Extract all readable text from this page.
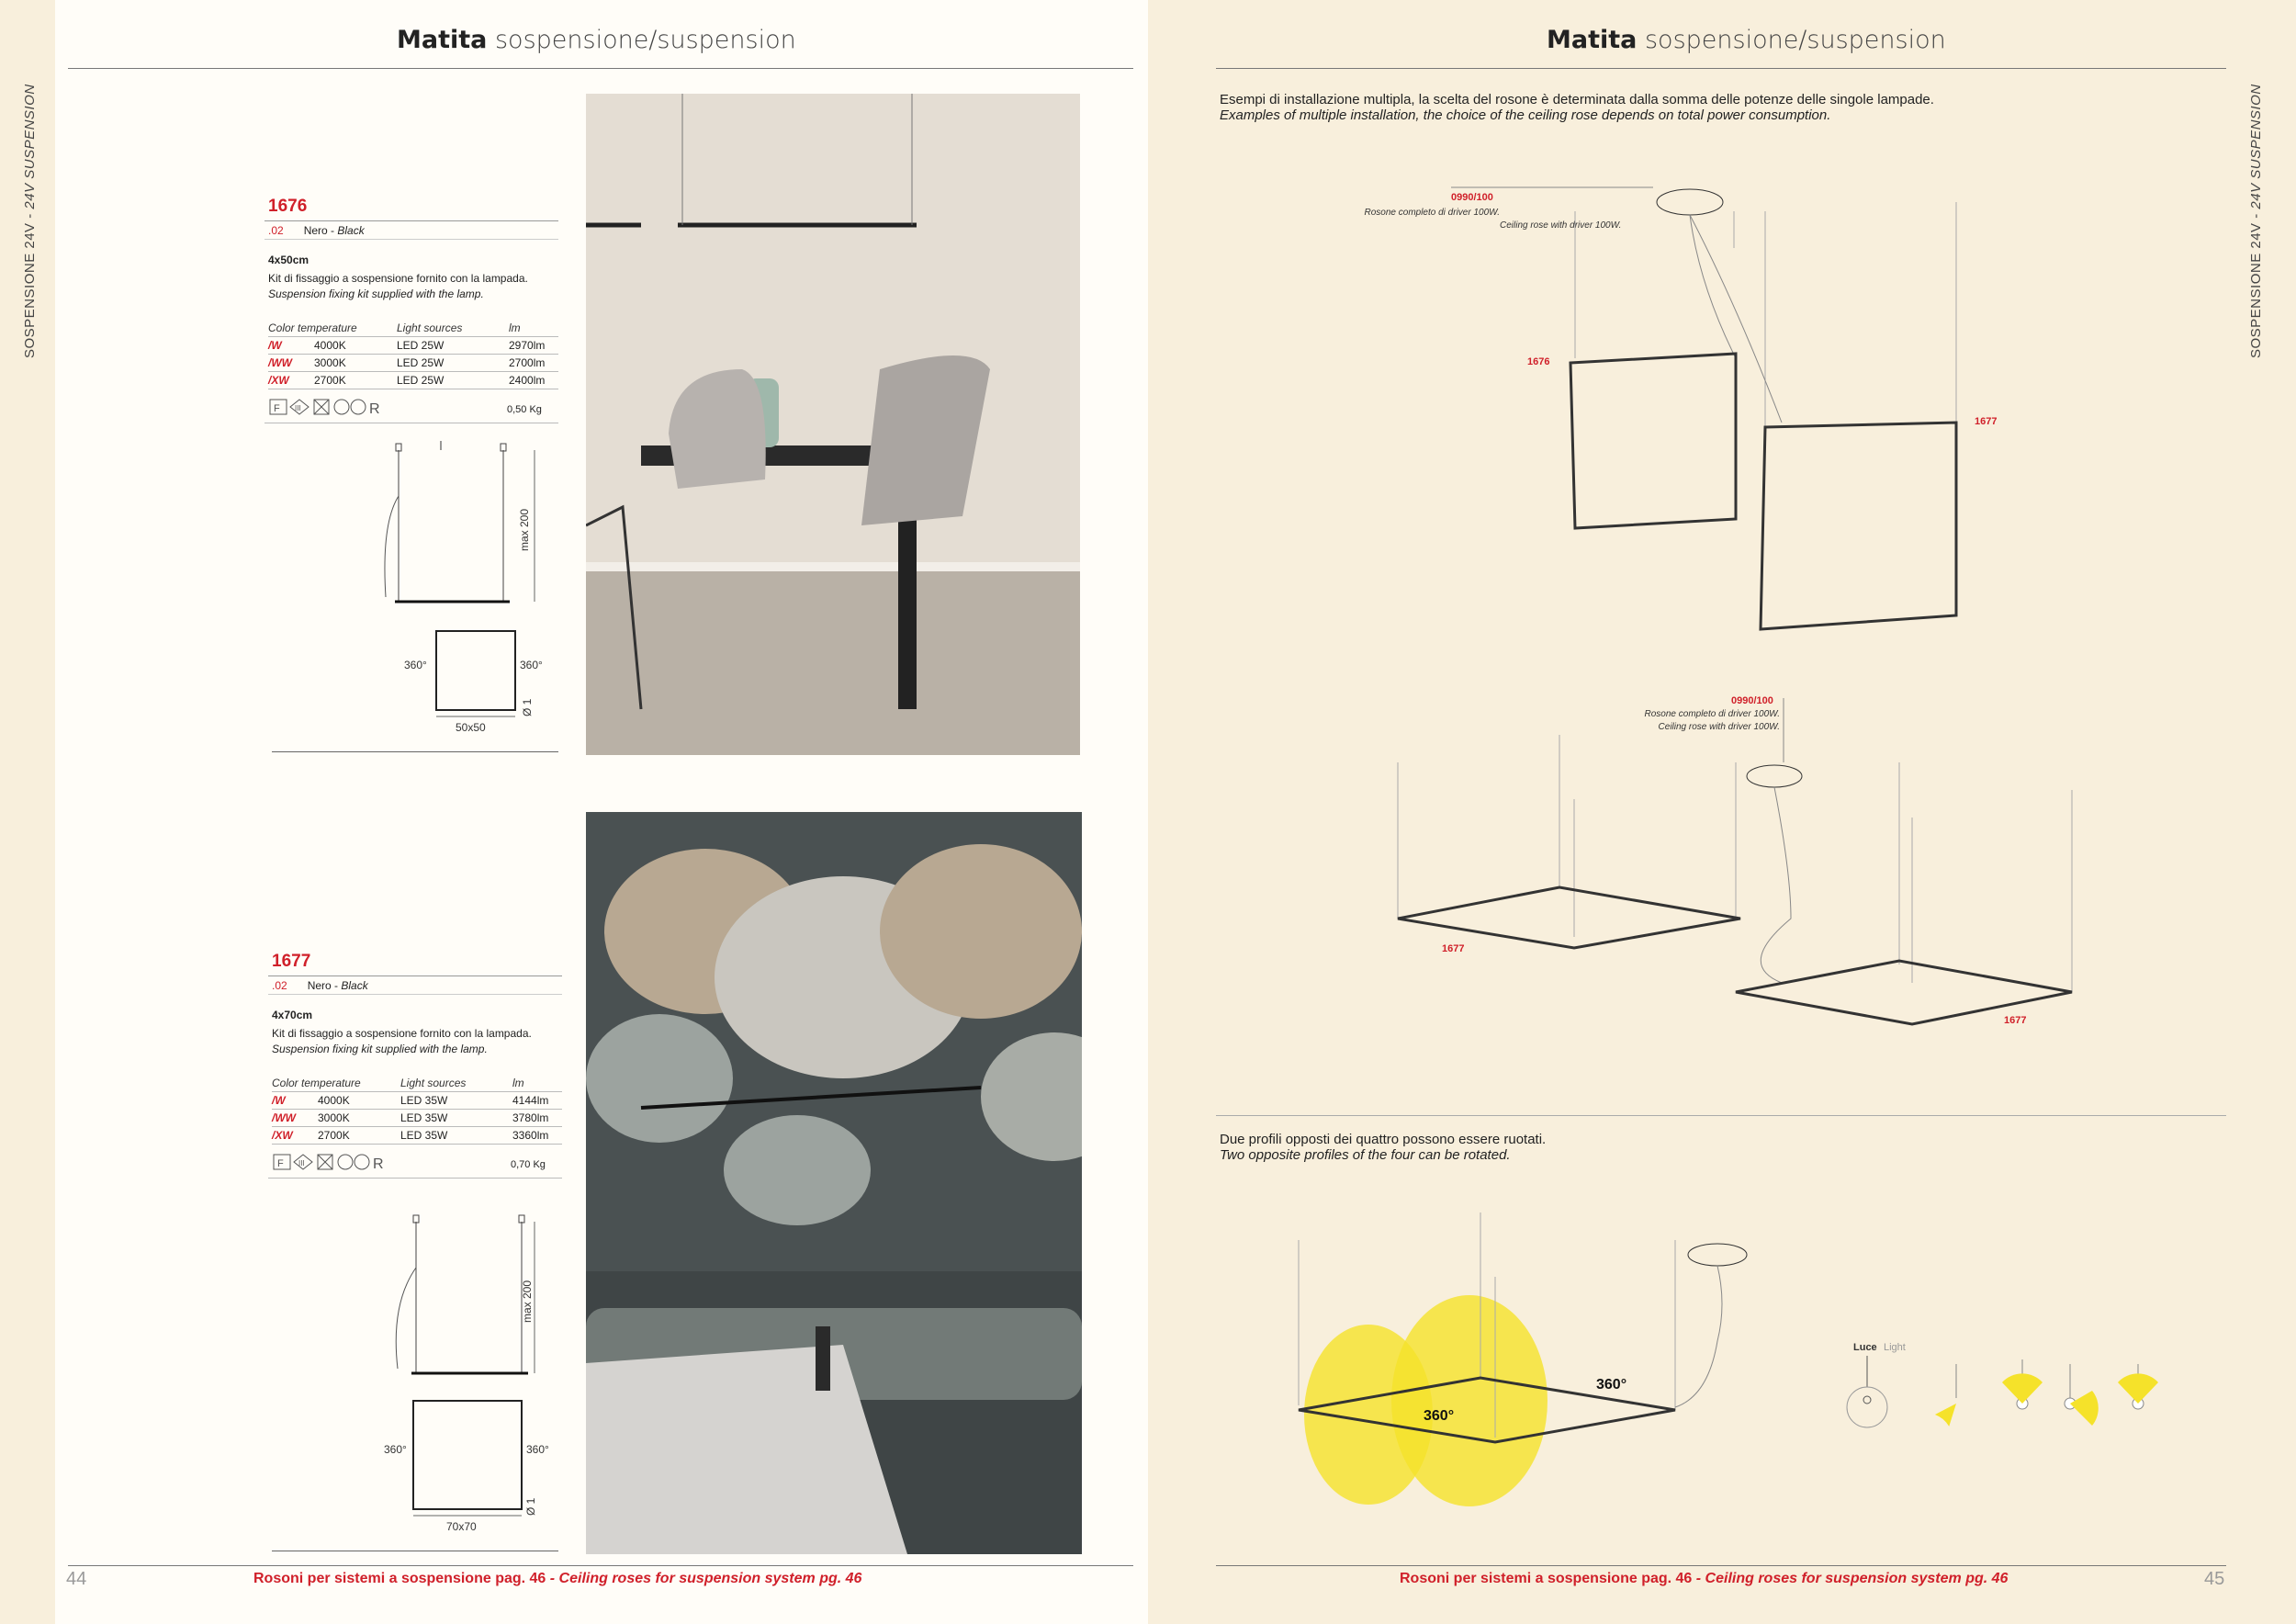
SOSPENSIONE 24V - 24V SUSPENSION
SOSPENSIONE 24V - 24V SUSPENSION
Matita sospensione/suspension
1676
.02 Nero - Black
4x50cm
Kit di fissaggio a sospensione fornito con la lampada.
Suspension fixing kit supplied with the lamp.
Color temperature	Light sources	lm
/W 4000K	LED 25W	2970lm
/WW 3000K	LED 25W	2700lm
/XW 2700K	LED 25W	2400lm
F III	R	0,50 Kg
max 200
360°	360°
Ø 1
50x50
1677
.02 Nero - Black
4x70cm
Kit di fissaggio a sospensione fornito con la lampada.
Suspension fixing kit supplied with the lamp.
Color temperature	Light sources	lm
/W 4000K	LED 35W	4144lm
/WW 3000K	LED 35W	3780lm
/XW 2700K	LED 35W	3360lm
F III	R	0,70 Kg
max 200
360°	360°
Ø 1
70x70
44	Rosoni per sistemi a sospensione pag. 46 - Ceiling roses for suspension system pg. 46
Matita sospensione/suspension
Esempi di installazione multipla, la scelta del rosone è determinata dalla somma delle potenze delle singole lampade.
Examples of multiple installation, the choice of the ceiling rose depends on total power consumption.
0990/100
Rosone completo di driver 100W.
Ceiling rose with driver 100W.
1676
1677
0990/100
Rosone completo di driver 100W.
Ceiling rose with driver 100W.
1677
1677
Due profili opposti dei quattro possono essere ruotati.
Two opposite profiles of the four can be rotated.
360°
360°
Luce Light
Rosoni per sistemi a sospensione pag. 46 - Ceiling roses for suspension system pg. 46	45
